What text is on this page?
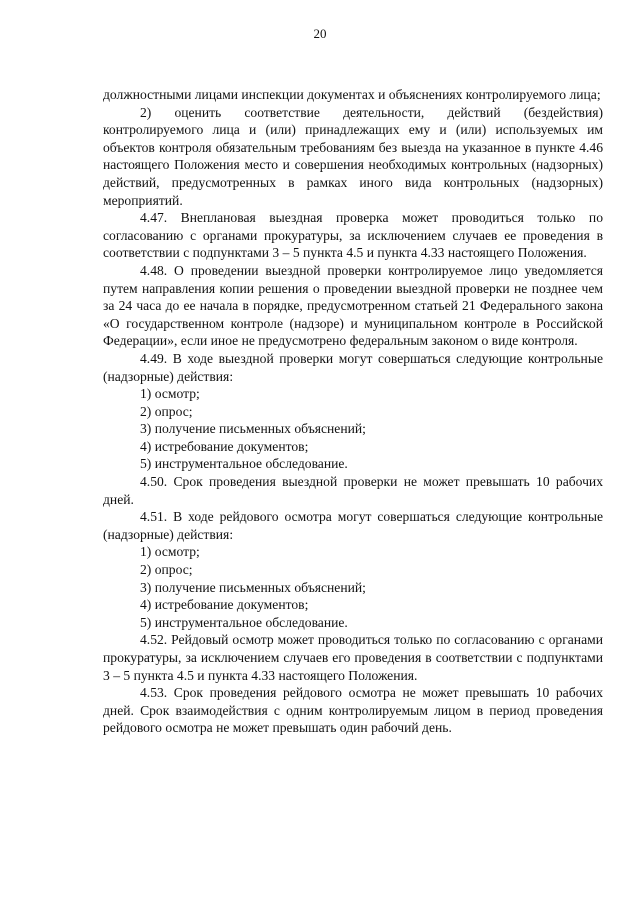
20

должностными лицами инспекции документах и объяснениях контролируемого лица;

2) оценить соответствие деятельности, действий (бездействия) контролируемого лица и (или) принадлежащих ему и (или) используемых им объектов контроля обязательным требованиям без выезда на указанное в пункте 4.46 настоящего Положения место и совершения необходимых контрольных (надзорных) действий, предусмотренных в рамках иного вида контрольных (надзорных) мероприятий.

4.47. Внеплановая выездная проверка может проводиться только по согласованию с органами прокуратуры, за исключением случаев ее проведения в соответствии с подпунктами 3 – 5 пункта 4.5 и пункта 4.33 настоящего Положения.

4.48. О проведении выездной проверки контролируемое лицо уведомляется путем направления копии решения о проведении выездной проверки не позднее чем за 24 часа до ее начала в порядке, предусмотренном статьей 21 Федерального закона «О государственном контроле (надзоре) и муниципальном контроле в Российской Федерации», если иное не предусмотрено федеральным законом о виде контроля.

4.49. В ходе выездной проверки могут совершаться следующие контрольные (надзорные) действия:

1) осмотр;

2) опрос;

3) получение письменных объяснений;

4) истребование документов;

5) инструментальное обследование.

4.50. Срок проведения выездной проверки не может превышать 10 рабочих дней.

4.51. В ходе рейдового осмотра могут совершаться следующие контрольные (надзорные) действия:

1) осмотр;

2) опрос;

3) получение письменных объяснений;

4) истребование документов;

5) инструментальное обследование.

4.52. Рейдовый осмотр может проводиться только по согласованию с органами прокуратуры, за исключением случаев его проведения в соответствии с подпунктами 3 – 5 пункта 4.5 и пункта 4.33 настоящего Положения.

4.53. Срок проведения рейдового осмотра не может превышать 10 рабочих дней. Срок взаимодействия с одним контролируемым лицом в период проведения рейдового осмотра не может превышать один рабочий день.
